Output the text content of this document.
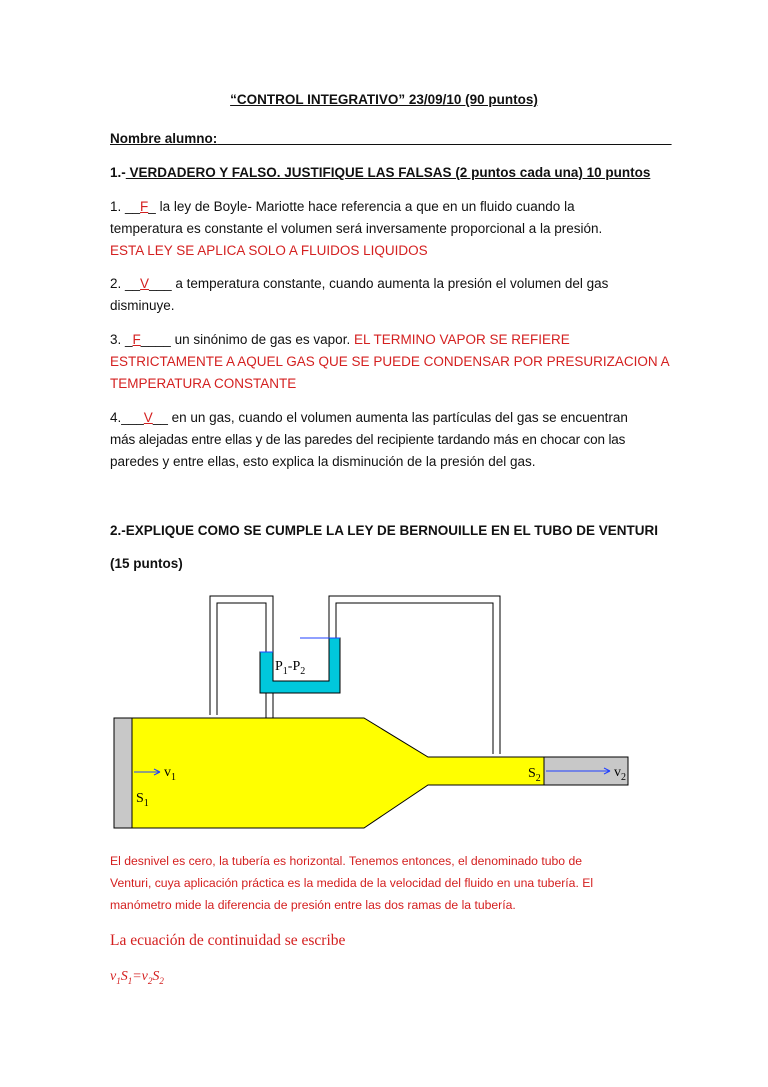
“CONTROL INTEGRATIVO” 23/09/10 (90 puntos)
Nombre alumno:_______________________________________________________________
1.- VERDADERO Y FALSO. JUSTIFIQUE LAS FALSAS (2 puntos cada una) 10 puntos
1. __F_ la ley de Boyle- Mariotte hace referencia a que en un fluido cuando la
temperatura es constante el volumen será inversamente proporcional a la presión.
ESTA LEY SE APLICA SOLO A FLUIDOS LIQUIDOS
2. __V___ a temperatura constante, cuando aumenta la presión el volumen del gas
disminuye.
3. _F____ un sinónimo de gas es vapor. EL TERMINO VAPOR SE REFIERE
ESTRICTAMENTE A AQUEL GAS QUE SE PUEDE CONDENSAR POR PRESURIZACION A
TEMPERATURA CONSTANTE
4.___V__ en un gas, cuando el volumen aumenta las partículas del gas se encuentran
más alejadas entre ellas y de las paredes del recipiente tardando más en chocar con las
paredes y entre ellas, esto explica la disminución de la presión del gas.
2.-EXPLIQUE COMO SE CUMPLE LA LEY DE BERNOUILLE EN EL TUBO DE VENTURI
(15 puntos)
$P_1-P_2$
$v_1$
$S_1$
$S_2$	$v_2$
El desnivel es cero, la tubería es horizontal. Tenemos entonces, el denominado tubo de
Venturi, cuya aplicación práctica es la medida de la velocidad del fluido en una tubería. El
manómetro mide la diferencia de presión entre las dos ramas de la tubería.
La ecuación de continuidad se escribe
$v_1S_1=v_2S_2$
